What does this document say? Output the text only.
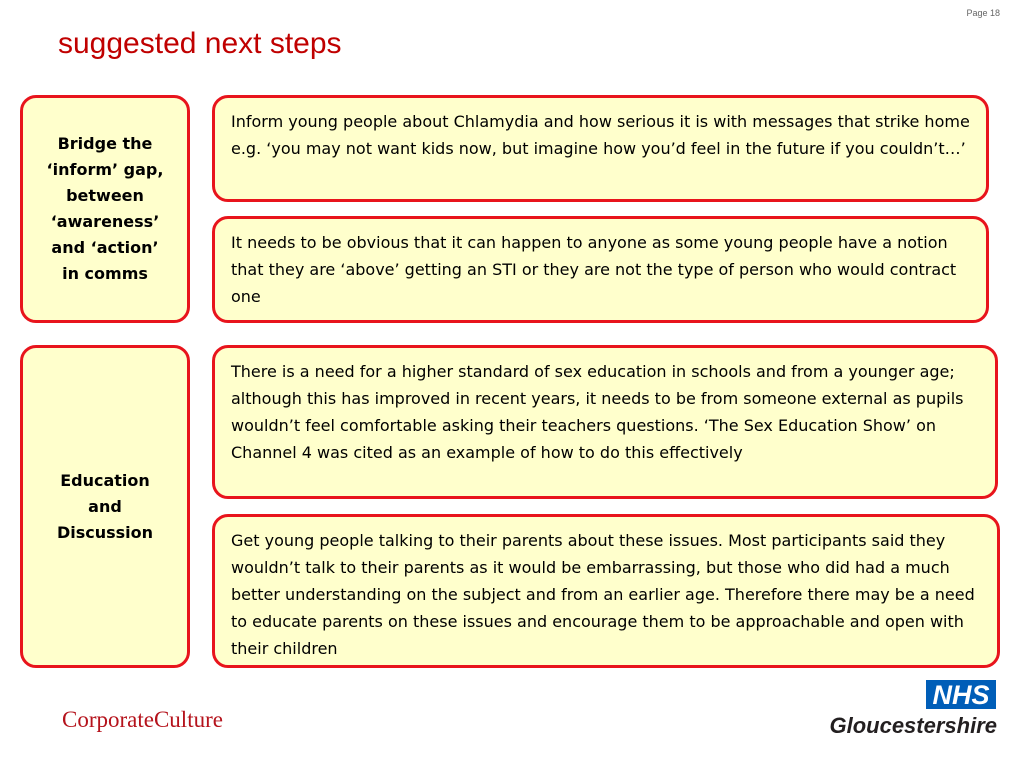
Page 18
suggested next steps
Bridge the ‘inform’ gap, between ‘awareness’ and ‘action’ in comms
Inform young people about Chlamydia and how serious it is with messages that strike home e.g. ‘you may not want kids now, but imagine how you’d feel in the future if you couldn’t…’
It needs to be obvious that it can happen to anyone as some young people have a notion that they are ‘above’ getting an STI or they are not the type of person who would contract one
Education and Discussion
There is a need for a higher standard of sex education in schools and from a younger age; although this has improved in recent years, it needs to be from someone external as pupils wouldn’t feel comfortable asking their teachers questions. ‘The Sex Education Show’ on Channel 4 was cited as an example of how to do this effectively
Get young people talking to their parents about these issues. Most participants said they wouldn’t talk to their parents as it would be embarrassing, but those who did had a much better understanding on the subject and from an earlier age. Therefore there may be a need to educate parents on these issues and encourage them to be approachable and open with their children
CorporateCulture
NHS
Gloucestershire
